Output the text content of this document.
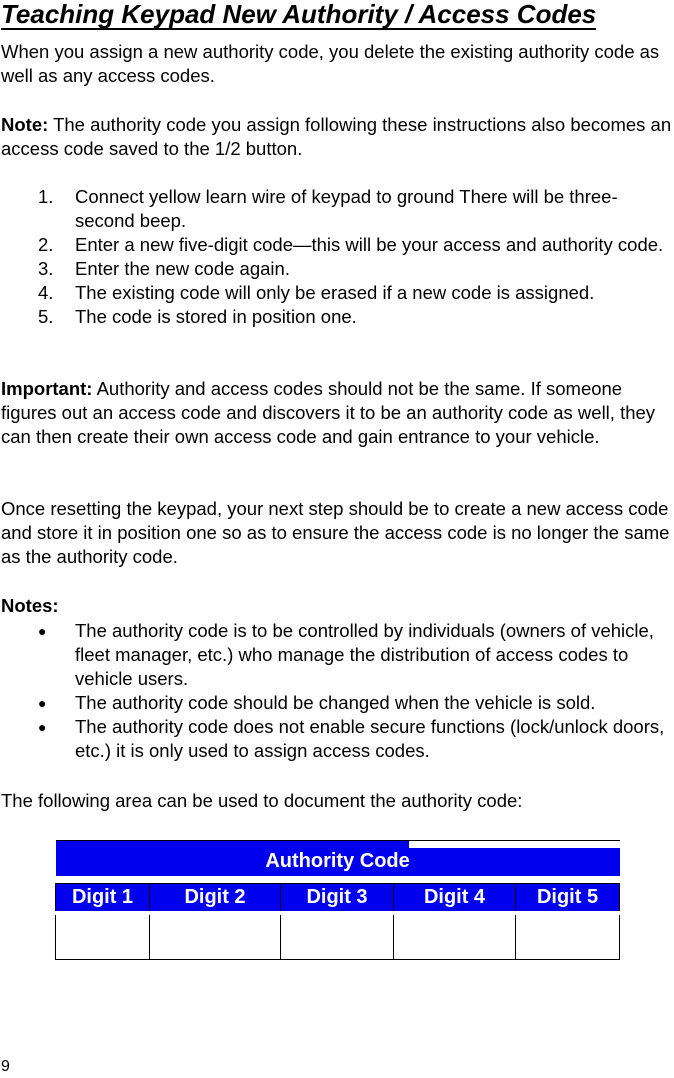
Teaching Keypad New Authority / Access Codes

When you assign a new authority code, you delete the existing authority code as well as any access codes.

Note: The authority code you assign following these instructions also becomes an access code saved to the 1/2 button.

1. Connect yellow learn wire of keypad to ground There will be three-second beep.
2. Enter a new five-digit code—this will be your access and authority code.
3. Enter the new code again.
4. The existing code will only be erased if a new code is assigned.
5. The code is stored in position one.

Important: Authority and access codes should not be the same. If someone figures out an access code and discovers it to be an authority code as well, they can then create their own access code and gain entrance to your vehicle.

Once resetting the keypad, your next step should be to create a new access code and store it in position one so as to ensure the access code is no longer the same as the authority code.

Notes:

● The authority code is to be controlled by individuals (owners of vehicle, fleet manager, etc.) who manage the distribution of access codes to vehicle users.
● The authority code should be changed when the vehicle is sold.
● The authority code does not enable secure functions (lock/unlock doors, etc.) it is only used to assign access codes.

The following area can be used to document the authority code:

Authority Code				
Digit 1	Digit 2	Digit 3	Digit 4	Digit 5

9
